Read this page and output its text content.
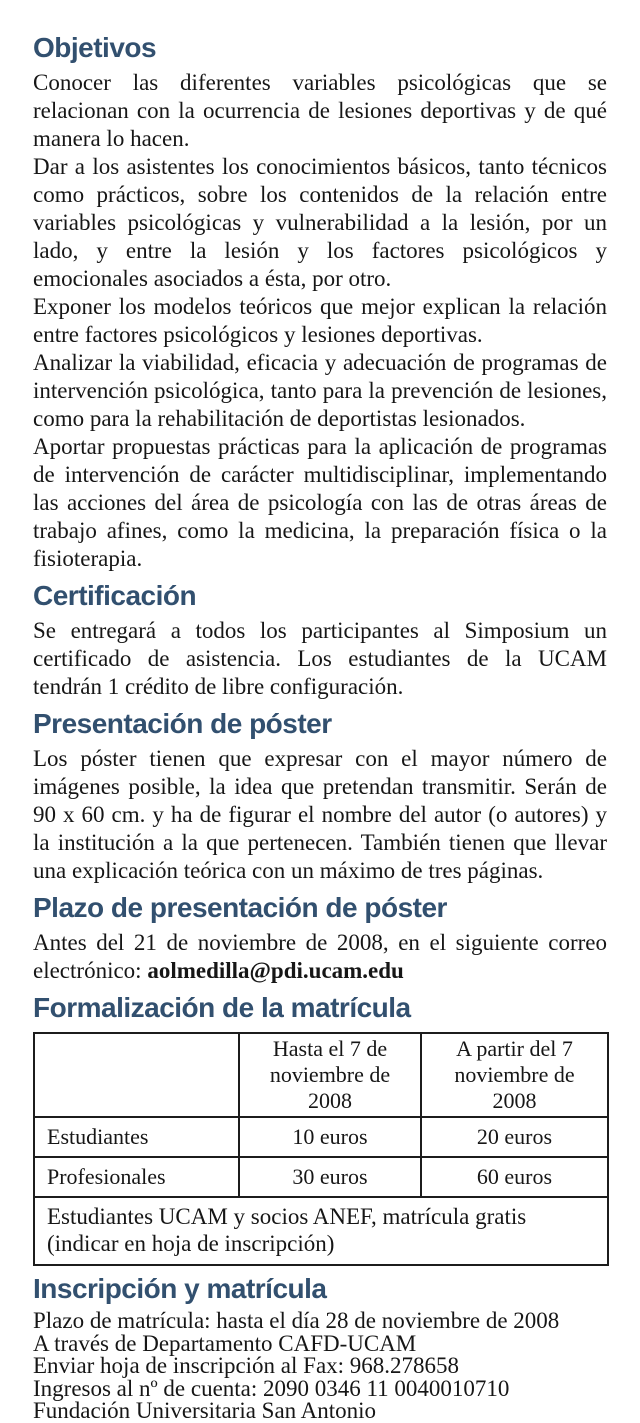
Objetivos

Conocer las diferentes variables psicológicas que se relacionan con la ocurrencia de lesiones deportivas y de qué manera lo hacen.

Dar a los asistentes los conocimientos básicos, tanto técnicos como prácticos, sobre los contenidos de la relación entre variables psicológicas y vulnerabilidad a la lesión, por un lado, y entre la lesión y los factores psicológicos y emocionales asociados a ésta, por otro.

Exponer los modelos teóricos que mejor explican la relación entre factores psicológicos y lesiones deportivas.

Analizar la viabilidad, eficacia y adecuación de programas de intervención psicológica, tanto para la prevención de lesiones, como para la rehabilitación de deportistas lesionados.

Aportar propuestas prácticas para la aplicación de programas de intervención de carácter multidisciplinar, implementando las acciones del área de psicología con las de otras áreas de trabajo afines, como la medicina, la preparación física o la fisioterapia.

Certificación

Se entregará a todos los participantes al Simposium un certificado de asistencia. Los estudiantes de la UCAM tendrán 1 crédito de libre configuración.

Presentación de póster

Los póster tienen que expresar con el mayor número de imágenes posible, la idea que pretendan transmitir. Serán de 90 x 60 cm. y ha de figurar el nombre del autor (o autores) y la institución a la que pertenecen. También tienen que llevar una explicación teórica con un máximo de tres páginas.

Plazo de presentación de póster

Antes del 21 de noviembre de 2008, en el siguiente correo electrónico: aolmedilla@pdi.ucam.edu

Formalización de la matrícula
	Hasta el 7 de noviembre de 2008	A partir del 7 noviembre de 2008
Estudiantes	10 euros	20 euros
Profesionales	30 euros	60 euros

Estudiantes UCAM y socios ANEF, matrícula gratis
(indicar en hoja de inscripción)		
Inscripción y matrícula
Plazo de matrícula: hasta el día 28 de noviembre de 2008
A través de Departamento CAFD-UCAM
Enviar hoja de inscripción al Fax: 968.278658
Ingresos al nº de cuenta: 2090 0346 11 0040010710
Fundación Universitaria San Antonio
